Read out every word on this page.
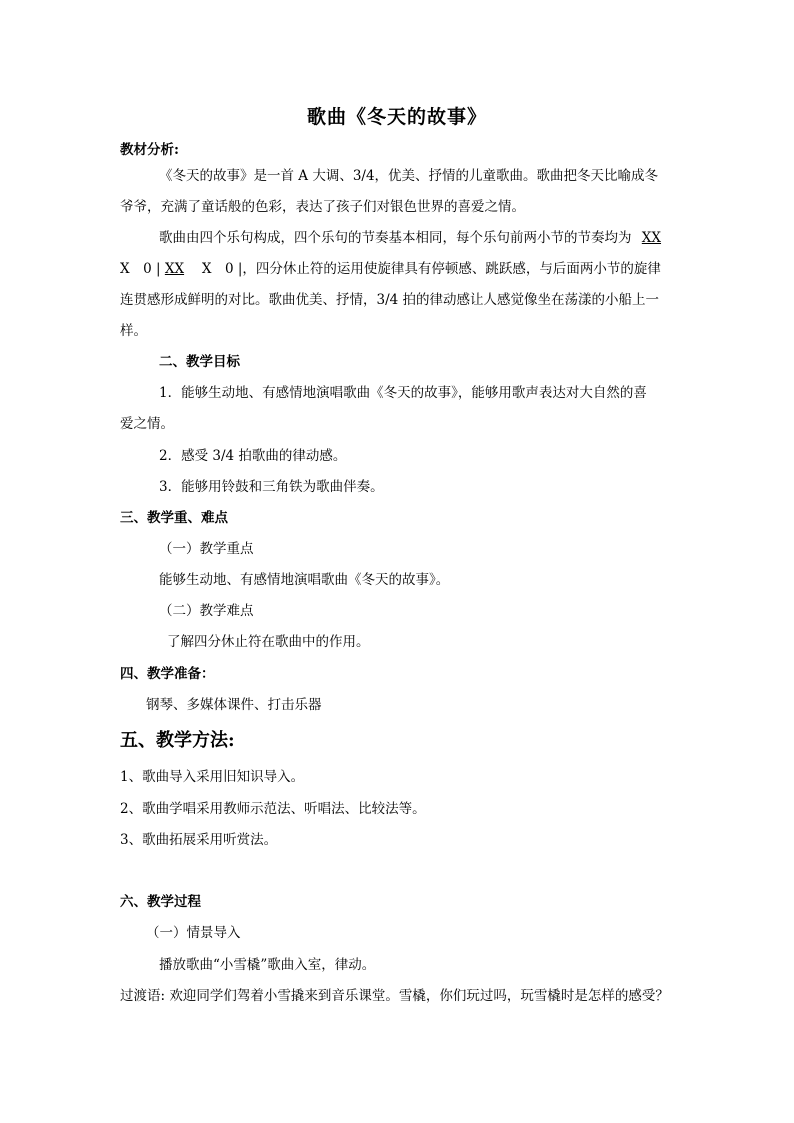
歌曲《冬天的故事》
教材分析:
《冬天的故事》是一首 A 大调、3/4，优美、抒情的儿童歌曲。歌曲把冬天比喻成冬
爷爷，充满了童话般的色彩，表达了孩子们对银色世界的喜爱之情。
歌曲由四个乐句构成，四个乐句的节奏基本相同，每个乐句前两小节的节奏均为 XX
X　0 | XX 　X　0 |，四分休止符的运用使旋律具有停顿感、跳跃感，与后面两小节的旋律
连贯感形成鲜明的对比。歌曲优美、抒情，3/4 拍的律动感让人感觉像坐在荡漾的小船上一
样。
二、教学目标
1．能够生动地、有感情地演唱歌曲《冬天的故事》，能够用歌声表达对大自然的喜
爱之情。
2．感受 3/4 拍歌曲的律动感。
3．能够用铃鼓和三角铁为歌曲伴奏。
三、教学重、难点
（一）教学重点
能够生动地、有感情地演唱歌曲《冬天的故事》。
（二）教学难点
了解四分休止符在歌曲中的作用。
四、教学准备：
钢琴、多媒体课件、打击乐器
五、教学方法:
1、歌曲导入采用旧知识导入。
2、歌曲学唱采用教师示范法、听唱法、比较法等。
3、歌曲拓展采用听赏法。
六、教学过程
（一）情景导入
播放歌曲“小雪橇”歌曲入室，律动。
过渡语: 欢迎同学们驾着小雪撬来到音乐课堂。雪橇，你们玩过吗，玩雪橇时是怎样的感受？
